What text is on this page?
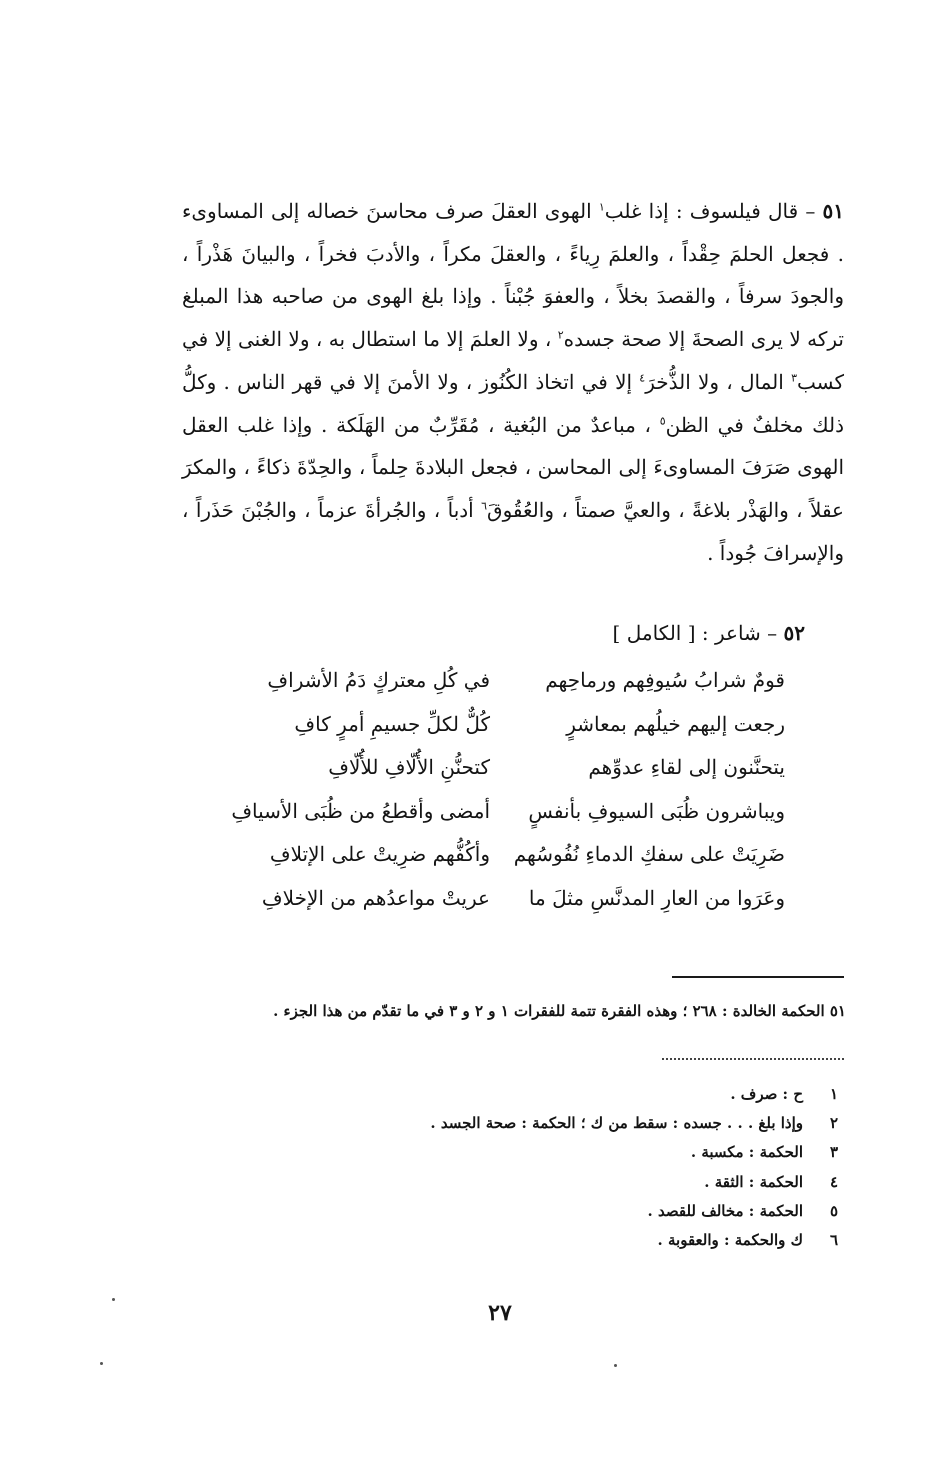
٥١ – قال فيلسوف : إذا غلب$^١$ الهوى العقلَ صرف محاسنَ خصاله إلى المساوىء . فجعل الحلمَ حِقْداً ، والعلمَ رِياءً ، والعقلَ مكراً ، والأدبَ فخراً ، والبيانَ هَذْراً ، والجودَ سرفاً ، والقصدَ بخلاً ، والعفوَ جُبْناً . وإذا بلغ الهوى من صاحبه هذا المبلغ تركه لا يرى الصحةَ إلا صحة جسده$^٢$ ، ولا العلمَ إلا ما استطال به ، ولا الغنى إلا في كسب$^٣$ المال ، ولا الذُّخرَ$^٤$ إلا في اتخاذ الكُنُوز ، ولا الأمنَ إلا في قهر الناس . وكلُّ ذلك مخلفٌ في الظن$^٥$ ، مباعدٌ من البُغية ، مُقَرِّبٌ من الهَلَكة . وإذا غلب العقل الهوى صَرَفَ المساوىءَ إلى المحاسن ، فجعل البلادةَ حِلماً ، والحِدّةَ ذكاءً ، والمكرَ عقلاً ، والهَذْر بلاغةً ، والعيَّ صمتاً ، والعُقُوقَ$^٦$ أدباً ، والجُرأةَ عزماً ، والجُبْنَ حَذَراً ، والإسرافَ جُوداً .
٥٢ – شاعر : [ الكامل ]
قومٌ شرابُ سُيوفِهم ورماحِهم
في كُلِ معتركٍ دَمُ الأشرافِ
رجعت إليهم خيلُهم بمعاشرٍ
كُلٌّ لكلِّ جسيمِ أمرٍ كافِ
يتحنَّنون إلى لقاءِ عدوِّهم
كتحنُّنِ الأُلّافِ للأُلّافِ
ويباشرون ظُبَى السيوفِ بأنفسٍ
أمضى وأقطعُ من ظُبَى الأسيافِ
ضَرِيَتْ على سفكِ الدماءِ نُفُوسُهم
وأكُفُّهم ضرِيتْ على الإتلافِ
وعَرَوا من العارِ المدنَّسِ مثلَ ما
عريتْ مواعدُهم من الإخلافِ
٥١ الحكمة الخالدة : ٢٦٨ ؛ وهذه الفقرة تتمة للفقرات ١ و ٢ و ٣ في ما تقدّم من هذا الجزء .
١
ح : صرف .
٢
وإذا بلغ . . . جسده : سقط من ك ؛ الحكمة : صحة الجسد .
٣
الحكمة : مكسبة .
٤
الحكمة : الثقة .
٥
الحكمة : مخالف للقصد .
٦
ك والحكمة : والعقوبة .
٢٧
